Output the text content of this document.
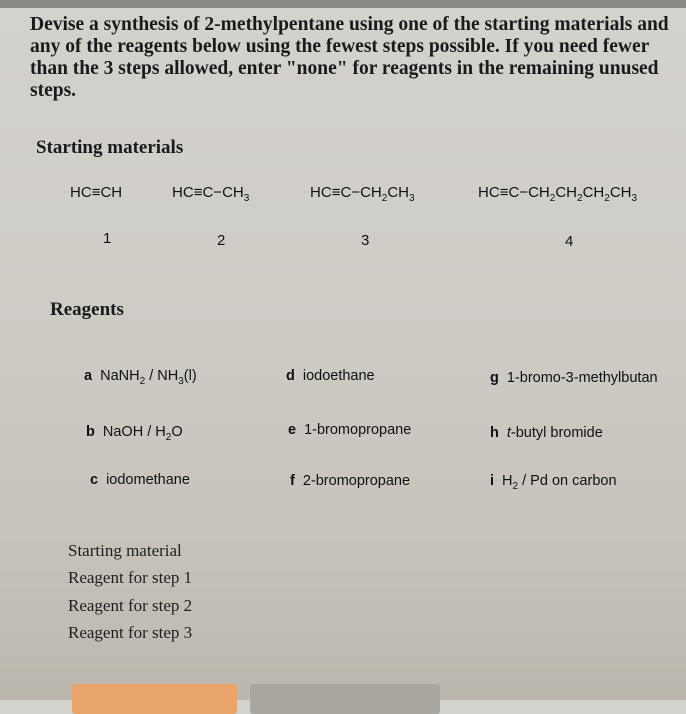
Devise a synthesis of 2-methylpentane using one of the starting materials and any of the reagents below using the fewest steps possible. If you need fewer than the 3 steps allowed, enter "none" for reagents in the remaining unused steps.
Starting materials
HC≡CH	$HC\equiv C-CH_3$	$HC\equiv C-CH_2CH_3$	$HC\equiv C-CH_2CH_2CH_2CH_3$
1	2	3	4
Reagents
a NaNH$_2$ / $NH_3(l)$
b NaOH / $H_2O$
c iodomethane
d iodoethane
e 1-bromopropane
f 2-bromopropane
g 1-bromo-3-methylbutan
h t-butyl bromide
i $H_2$ / Pd on carbon
Starting material
Reagent for step 1
Reagent for step 2
Reagent for step 3
